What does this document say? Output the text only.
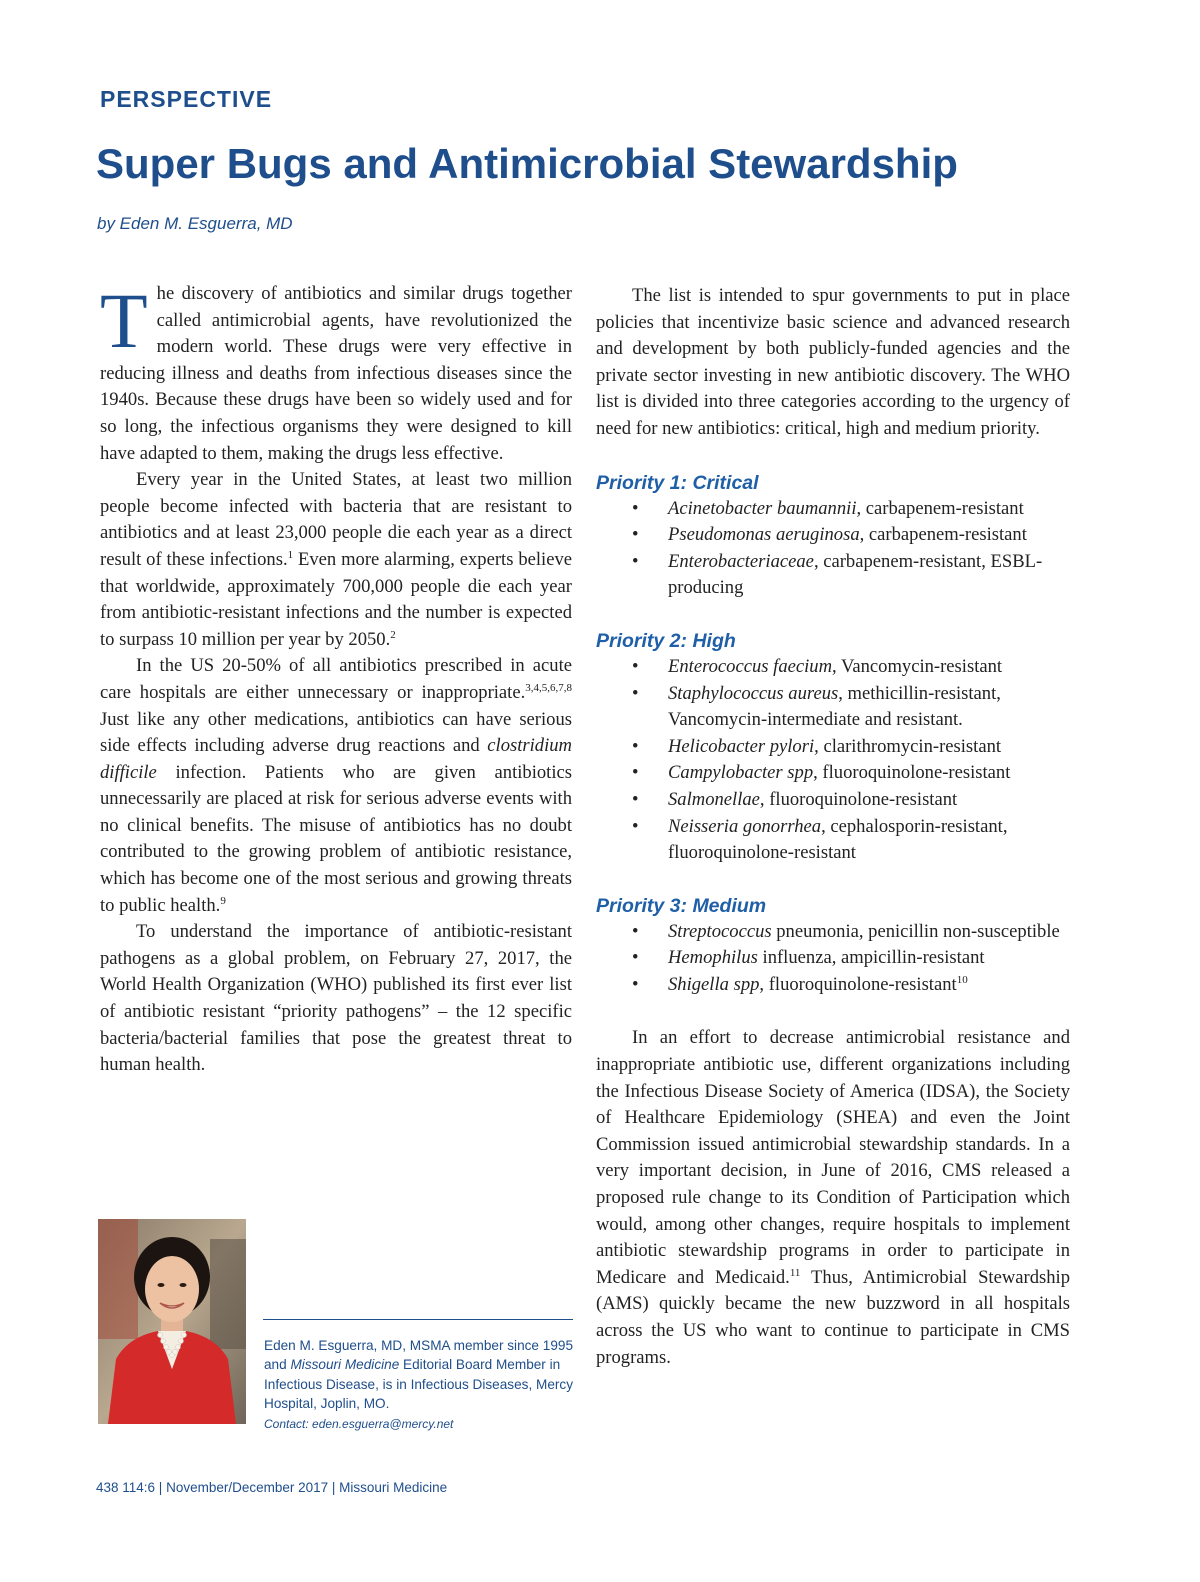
PERSPECTIVE
Super Bugs and Antimicrobial Stewardship
by Eden M. Esguerra, MD

The discovery of antibiotics and similar drugs together called antimicrobial agents, have revolutionized the modern world. These drugs were very effective in reducing illness and deaths from infectious diseases since the 1940s. Because these drugs have been so widely used and for so long, the infectious organisms they were designed to kill have adapted to them, making the drugs less effective.

Every year in the United States, at least two million people become infected with bacteria that are resistant to antibiotics and at least 23,000 people die each year as a direct result of these infections.$^1$ Even more alarming, experts believe that worldwide, approximately 700,000 people die each year from antibiotic-resistant infections and the number is expected to surpass 10 million per year by 2050.$^2$

In the US 20-50% of all antibiotics prescribed in acute care hospitals are either unnecessary or inappropriate.$^{3,4,5,6,7,8}$ Just like any other medications, antibiotics can have serious side effects including adverse drug reactions and clostridium difficile infection. Patients who are given antibiotics unnecessarily are placed at risk for serious adverse events with no clinical benefits. The misuse of antibiotics has no doubt contributed to the growing problem of antibiotic resistance, which has become one of the most serious and growing threats to public health.$^9$

To understand the importance of antibiotic-resistant pathogens as a global problem, on February 27, 2017, the World Health Organization (WHO) published its first ever list of antibiotic resistant “priority pathogens” – the 12 specific bacteria/bacterial families that pose the greatest threat to human health.

The list is intended to spur governments to put in place policies that incentivize basic science and advanced research and development by both publicly-funded agencies and the private sector investing in new antibiotic discovery. The WHO list is divided into three categories according to the urgency of need for new antibiotics: critical, high and medium priority.

Priority 1: Critical
• Acinetobacter baumannii, carbapenem-resistant
• Pseudomonas aeruginosa, carbapenem-resistant
• Enterobacteriaceae, carbapenem-resistant, ESBL-producing
Priority 2: High
• Enterococcus faecium, Vancomycin-resistant
• Staphylococcus aureus, methicillin-resistant, Vancomycin-intermediate and resistant.
• Helicobacter pylori, clarithromycin-resistant
• Campylobacter spp, fluoroquinolone-resistant
• Salmonellae, fluoroquinolone-resistant
• Neisseria gonorrhea, cephalosporin-resistant, fluoroquinolone-resistant
Priority 3: Medium
• Streptococcus pneumonia, penicillin non-susceptible
• Hemophilus influenza, ampicillin-resistant
• Shigella spp, fluoroquinolone-resistant$^{10}$

In an effort to decrease antimicrobial resistance and inappropriate antibiotic use, different organizations including the Infectious Disease Society of America (IDSA), the Society of Healthcare Epidemiology (SHEA) and even the Joint Commission issued antimicrobial stewardship standards. In a very important decision, in June of 2016, CMS released a proposed rule change to its Condition of Participation which would, among other changes, require hospitals to implement antibiotic stewardship programs in order to participate in Medicare and Medicaid.$^{11}$ Thus, Antimicrobial Stewardship (AMS) quickly became the new buzzword in all hospitals across the US who want to continue to participate in CMS programs.

Eden M. Esguerra, MD, MSMA member since 1995 and Missouri Medicine Editorial Board Member in Infectious Disease, is in Infectious Diseases, Mercy Hospital, Joplin, MO.
Contact: eden.esguerra@mercy.net
438 114:6 | November/December 2017 | Missouri Medicine
